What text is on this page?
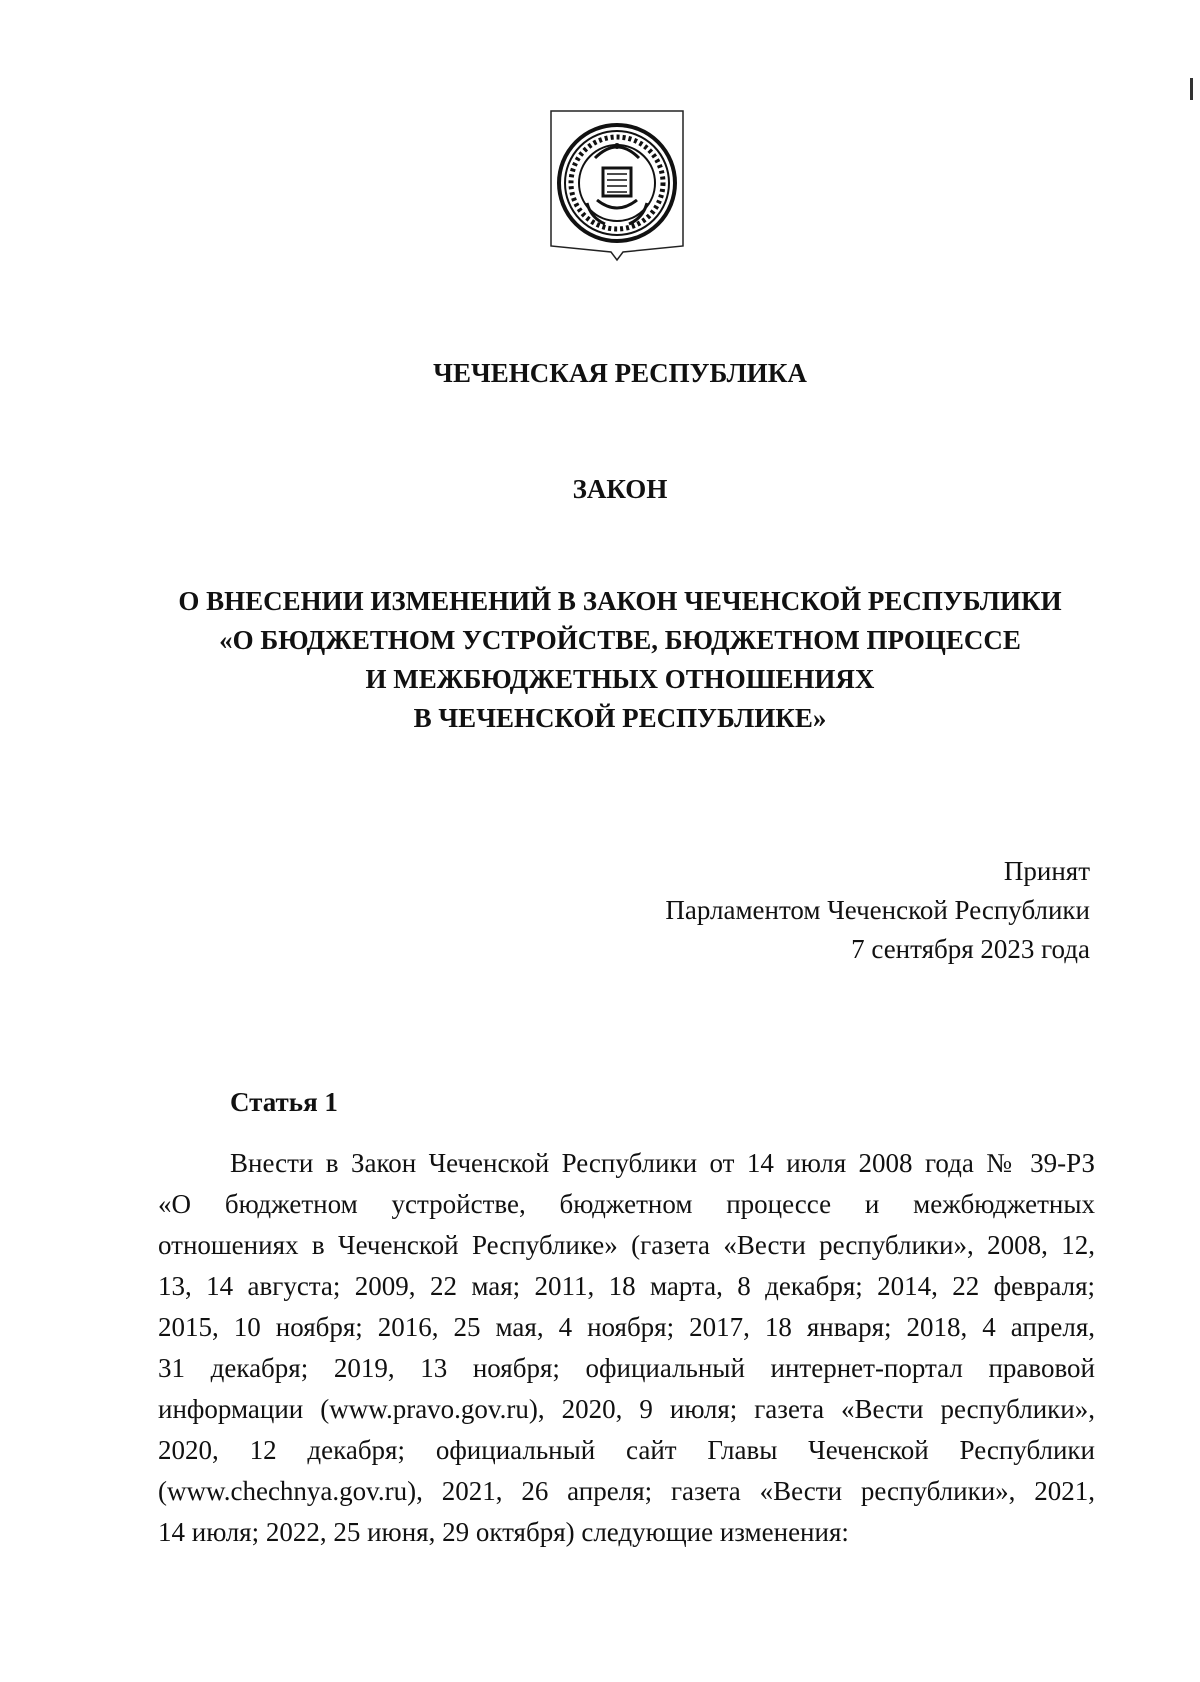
ЧЕЧЕНСКАЯ РЕСПУБЛИКА
ЗАКОН
О ВНЕСЕНИИ ИЗМЕНЕНИЙ В ЗАКОН ЧЕЧЕНСКОЙ РЕСПУБЛИКИ
«О БЮДЖЕТНОМ УСТРОЙСТВЕ, БЮДЖЕТНОМ ПРОЦЕССЕ
И МЕЖБЮДЖЕТНЫХ ОТНОШЕНИЯХ
В ЧЕЧЕНСКОЙ РЕСПУБЛИКЕ»
Принят
Парламентом Чеченской Республики
7 сентября 2023 года
Статья 1
Внести в Закон Чеченской Республики от 14 июля 2008 года № 39-РЗ
«О бюджетном устройстве, бюджетном процессе и межбюджетных
отношениях в Чеченской Республике» (газета «Вести республики», 2008, 12,
13, 14 августа; 2009, 22 мая; 2011, 18 марта, 8 декабря; 2014, 22 февраля;
2015, 10 ноября; 2016, 25 мая, 4 ноября; 2017, 18 января; 2018, 4 апреля,
31 декабря; 2019, 13 ноября; официальный интернет-портал правовой
информации (www.pravo.gov.ru), 2020, 9 июля; газета «Вести республики»,
2020, 12 декабря; официальный сайт Главы Чеченской Республики
(www.chechnya.gov.ru), 2021, 26 апреля; газета «Вести республики», 2021,
14 июля; 2022, 25 июня, 29 октября) следующие изменения:
